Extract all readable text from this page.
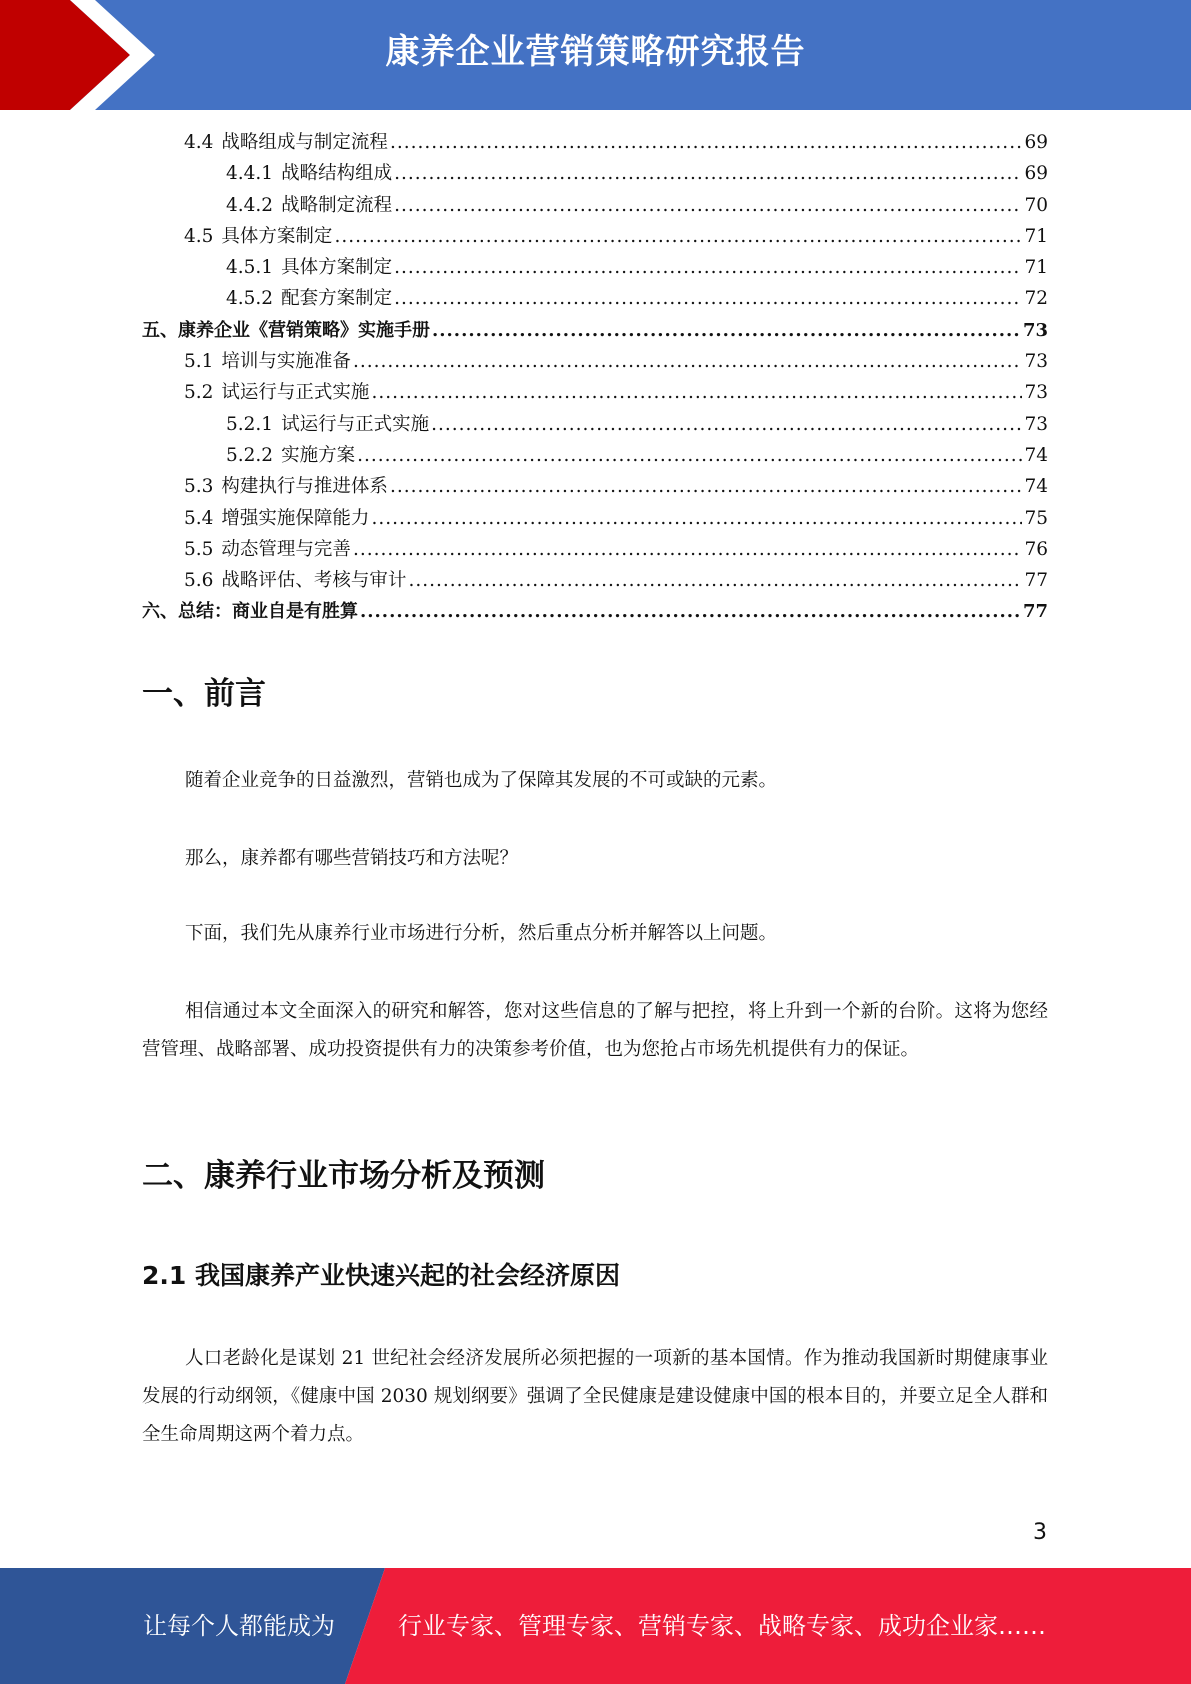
康养企业营销策略研究报告
4.4 战略组成与制定流程 .....	69
4.4.1 战略结构组成 .....	69
4.4.2 战略制定流程 .....	70
4.5 具体方案制定 .....	71
4.5.1 具体方案制定 .....	71
4.5.2 配套方案制定 .....	72
五、康养企业《营销策略》实施手册 .....	73
5.1 培训与实施准备 .....	73
5.2 试运行与正式实施 .....	73
5.2.1 试运行与正式实施 .....	73
5.2.2 实施方案 .....	74
5.3 构建执行与推进体系 .....	74
5.4 增强实施保障能力 .....	75
5.5 动态管理与完善 .....	76
5.6 战略评估、考核与审计 .....	77
六、总结：商业自是有胜算 .....	77
一、前言

随着企业竞争的日益激烈，营销也成为了保障其发展的不可或缺的元素。

那么，康养都有哪些营销技巧和方法呢？

下面，我们先从康养行业市场进行分析，然后重点分析并解答以上问题。

相信通过本文全面深入的研究和解答，您对这些信息的了解与把控，将上升到一个新的台阶。这将为您经营管理、战略部署、成功投资提供有力的决策参考价值，也为您抢占市场先机提供有力的保证。

二、康养行业市场分析及预测
2.1 我国康养产业快速兴起的社会经济原因

人口老龄化是谋划 21 世纪社会经济发展所必须把握的一项新的基本国情。作为推动我国新时期健康事业发展的行动纲领，《健康中国 2030 规划纲要》强调了全民健康是建设健康中国的根本目的，并要立足全人群和全生命周期这两个着力点。

3
让每个人都能成为	行业专家、管理专家、营销专家、战略专家、成功企业家……
